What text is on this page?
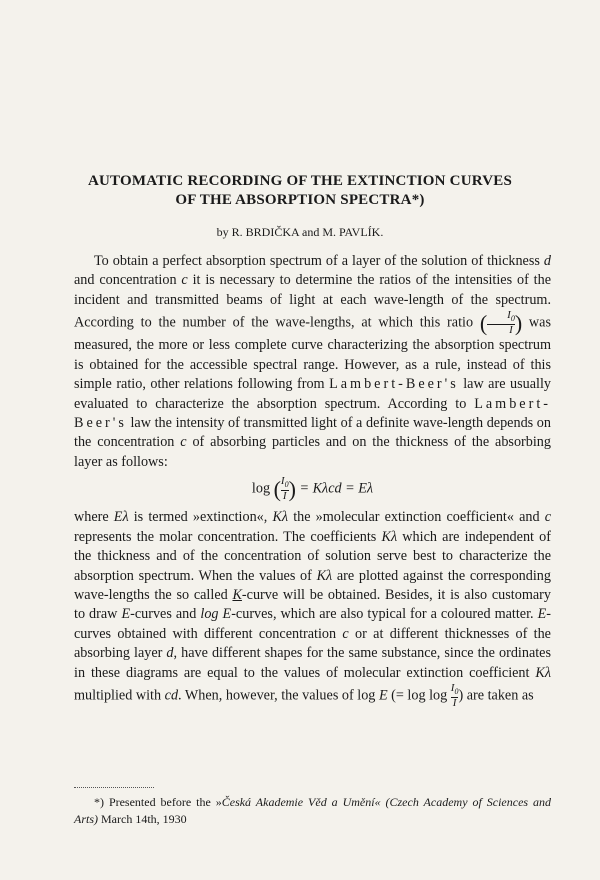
AUTOMATIC RECORDING OF THE EXTINCTION CURVES
OF THE ABSORPTION SPECTRA*)
by R. BRDIČKA and M. PAVLÍK.

To obtain a perfect absorption spectrum of a layer of the solution of thickness d and concentration c it is necessary to determine the ratios of the intensities of the incident and transmitted beams of light at each wave-length of the spectrum. According to the number of the wave-lengths, at which this ratio ( $\frac{I_0}{I}$ ) was measured, the more or less complete curve characterizing the absorption spectrum is obtained for the accessible spectral range. However, as a rule, instead of this simple ratio, other relations following from Lambert-Beer's law are usually evaluated to characterize the absorption spectrum. According to Lambert-Beer's law the intensity of transmitted light of a definite wave-length depends on the concentration c of absorbing particles and on the thickness of the absorbing layer as follows:

log ( $\frac{I_0}{I}$ ) = Kλcd = Eλ

where Eλ is termed »extinction«, Kλ the »molecular extinction coefficient« and c represents the molar concentration. The coefficients Kλ which are independent of the thickness and of the concentration of solution serve best to characterize the absorption spectrum. When the values of Kλ are plotted against the corresponding wave-lengths the so called K-curve will be obtained. Besides, it is also customary to draw E-curves and log E-curves, which are also typical for a coloured matter. E-curves obtained with different concentration c or at different thicknesses of the absorbing layer d, have different shapes for the same substance, since the ordinates in these diagrams are equal to the values of molecular extinction coefficient Kλ multiplied with cd. When, however, the values of log E (= $\log \log \frac{I_0}{I}$ ) are taken as

*) Presented before the »Česká Akademie Věd a Umění« (Czech Academy of Sciences and Arts) March 14th, 1930
